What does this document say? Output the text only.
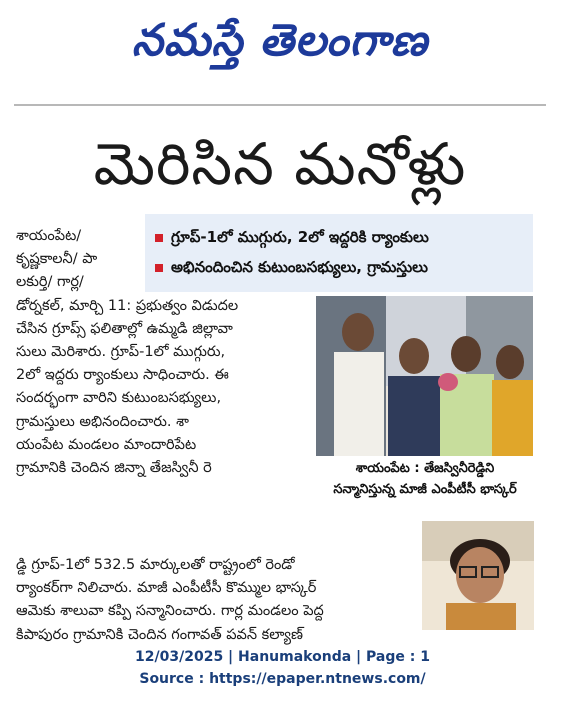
నమస్తే తెలంగాణ
మెరిసిన మనోళ్లు
గ్రూప్-1లో ముగ్గురు, 2లో ఇద్దరికి ర్యాంకులు
అభినందించిన కుటుంబసభ్యులు, గ్రామస్తులు
శాయంపేట/
కృష్ణకాలనీ/ పా
లకుర్తి/ గార్ల/
డోర్నకల్, మార్చి 11: ప్రభుత్వం విడుదల
చేసిన గ్రూప్స్ ఫలితాల్లో ఉమ్మడి జిల్లావా
సులు మెరిశారు. గ్రూప్-1లో ముగ్గురు,
2లో ఇద్దరు ర్యాంకులు సాధించారు. ఈ
సందర్భంగా వారిని కుటుంబసభ్యులు,
గ్రామస్తులు అభినందించారు. శా
యంపేట మండలం మాందారిపేట
గ్రామానికి చెందిన జిన్నా తేజస్వినీ రె	శాయంపేట : తేజస్వినీరెడ్డిని
సన్మానిస్తున్న మాజీ ఎంపీటీసీ భాస్కర్
డ్డి గ్రూప్-1లో 532.5 మార్కులతో రాష్ట్రంలో రెండో
ర్యాంకర్‌గా నిలిచారు. మాజీ ఎంపీటీసీ కొమ్ముల భాస్కర్
ఆమెకు శాలువా కప్పి సన్మానించారు. గార్ల మండలం పెద్ద
కిపాపురం గ్రామానికి చెందిన గంగావత్ పవన్ కల్యాణ్
12/03/2025 | Hanumakonda | Page : 1
Source : https://epaper.ntnews.com/
